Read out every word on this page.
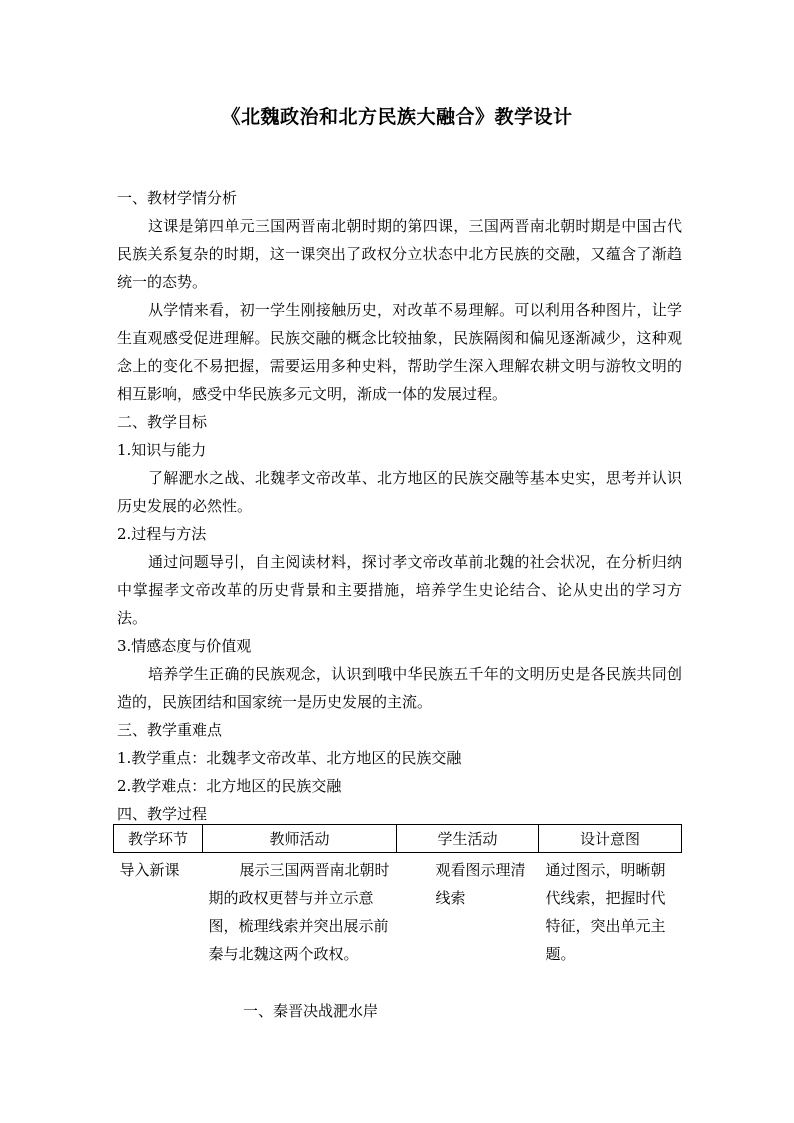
《北魏政治和北方民族大融合》教学设计

一、教材学情分析

这课是第四单元三国两晋南北朝时期的第四课，三国两晋南北朝时期是中国古代民族关系复杂的时期，这一课突出了政权分立状态中北方民族的交融，又蕴含了渐趋统一的态势。

从学情来看，初一学生刚接触历史，对改革不易理解。可以利用各种图片，让学生直观感受促进理解。民族交融的概念比较抽象，民族隔阂和偏见逐渐减少，这种观念上的变化不易把握，需要运用多种史料，帮助学生深入理解农耕文明与游牧文明的相互影响，感受中华民族多元文明，渐成一体的发展过程。

二、教学目标

1.知识与能力

了解淝水之战、北魏孝文帝改革、北方地区的民族交融等基本史实，思考并认识历史发展的必然性。

2.过程与方法

通过问题导引，自主阅读材料，探讨孝文帝改革前北魏的社会状况，在分析归纳中掌握孝文帝改革的历史背景和主要措施，培养学生史论结合、论从史出的学习方法。

3.情感态度与价值观

培养学生正确的民族观念，认识到哦中华民族五千年的文明历史是各民族共同创造的，民族团结和国家统一是历史发展的主流。

三、教学重难点

1.教学重点：北魏孝文帝改革、北方地区的民族交融

2.教学难点：北方地区的民族交融

四、教学过程

教学环节	教师活动	学生活动	设计意图
导入新课	展示三国两晋南北朝时期的政权更替与并立示意图，梳理线索并突出展示前秦与北魏这两个政权。	观看图示理清线索	通过图示，明晰朝代线索，把握时代特征，突出单元主题。
一、秦晋决战淝水岸
